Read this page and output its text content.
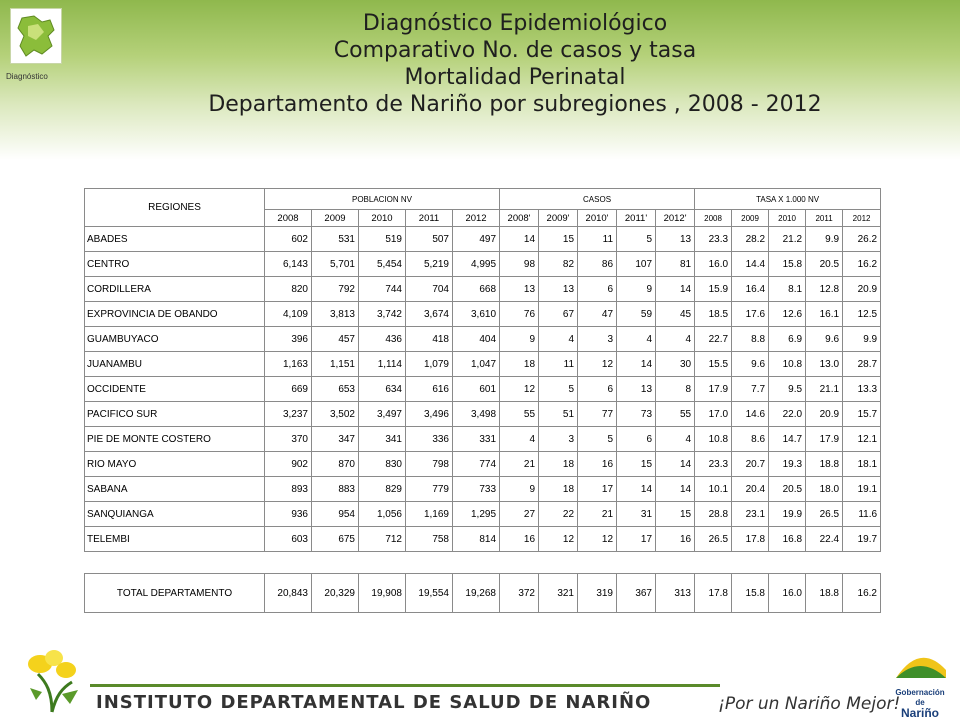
Diagnóstico
Diagnóstico Epidemiológico
Comparativo No. de casos y tasa
Mortalidad Perinatal
Departamento de Nariño por subregiones , 2008 - 2012
REGIONES	POBLACION NV					CASOS					TASA X 1.000 NV				
	2008	2009	2010	2011	2012	2008'	2009'	2010'	2011'	2012'	2008	2009	2010	2011	2012
ABADES	602	531	519	507	497	14	15	11	5	13	23.3	28.2	21.2	9.9	26.2
CENTRO	6,143	5,701	5,454	5,219	4,995	98	82	86	107	81	16.0	14.4	15.8	20.5	16.2
CORDILLERA	820	792	744	704	668	13	13	6	9	14	15.9	16.4	8.1	12.8	20.9
EXPROVINCIA DE OBANDO	4,109	3,813	3,742	3,674	3,610	76	67	47	59	45	18.5	17.6	12.6	16.1	12.5
GUAMBUYACO	396	457	436	418	404	9	4	3	4	4	22.7	8.8	6.9	9.6	9.9
JUANAMBU	1,163	1,151	1,114	1,079	1,047	18	11	12	14	30	15.5	9.6	10.8	13.0	28.7
OCCIDENTE	669	653	634	616	601	12	5	6	13	8	17.9	7.7	9.5	21.1	13.3
PACIFICO SUR	3,237	3,502	3,497	3,496	3,498	55	51	77	73	55	17.0	14.6	22.0	20.9	15.7
PIE DE MONTE COSTERO	370	347	341	336	331	4	3	5	6	4	10.8	8.6	14.7	17.9	12.1
RIO MAYO	902	870	830	798	774	21	18	16	15	14	23.3	20.7	19.3	18.8	18.1
SABANA	893	883	829	779	733	9	18	17	14	14	10.1	20.4	20.5	18.0	19.1
SANQUIANGA	936	954	1,056	1,169	1,295	27	22	21	31	15	28.8	23.1	19.9	26.5	11.6
TELEMBI	603	675	712	758	814	16	12	12	17	16	26.5	17.8	16.8	22.4	19.7
TOTAL DEPARTAMENTO	20,843	20,329	19,908	19,554	19,268	372	321	319	367	313	17.8	15.8	16.0	18.8	16.2
INSTITUTO DEPARTAMENTAL DE SALUD DE NARIÑO	¡Por un Nariño Mejor!
Gobernación de
Nariño
